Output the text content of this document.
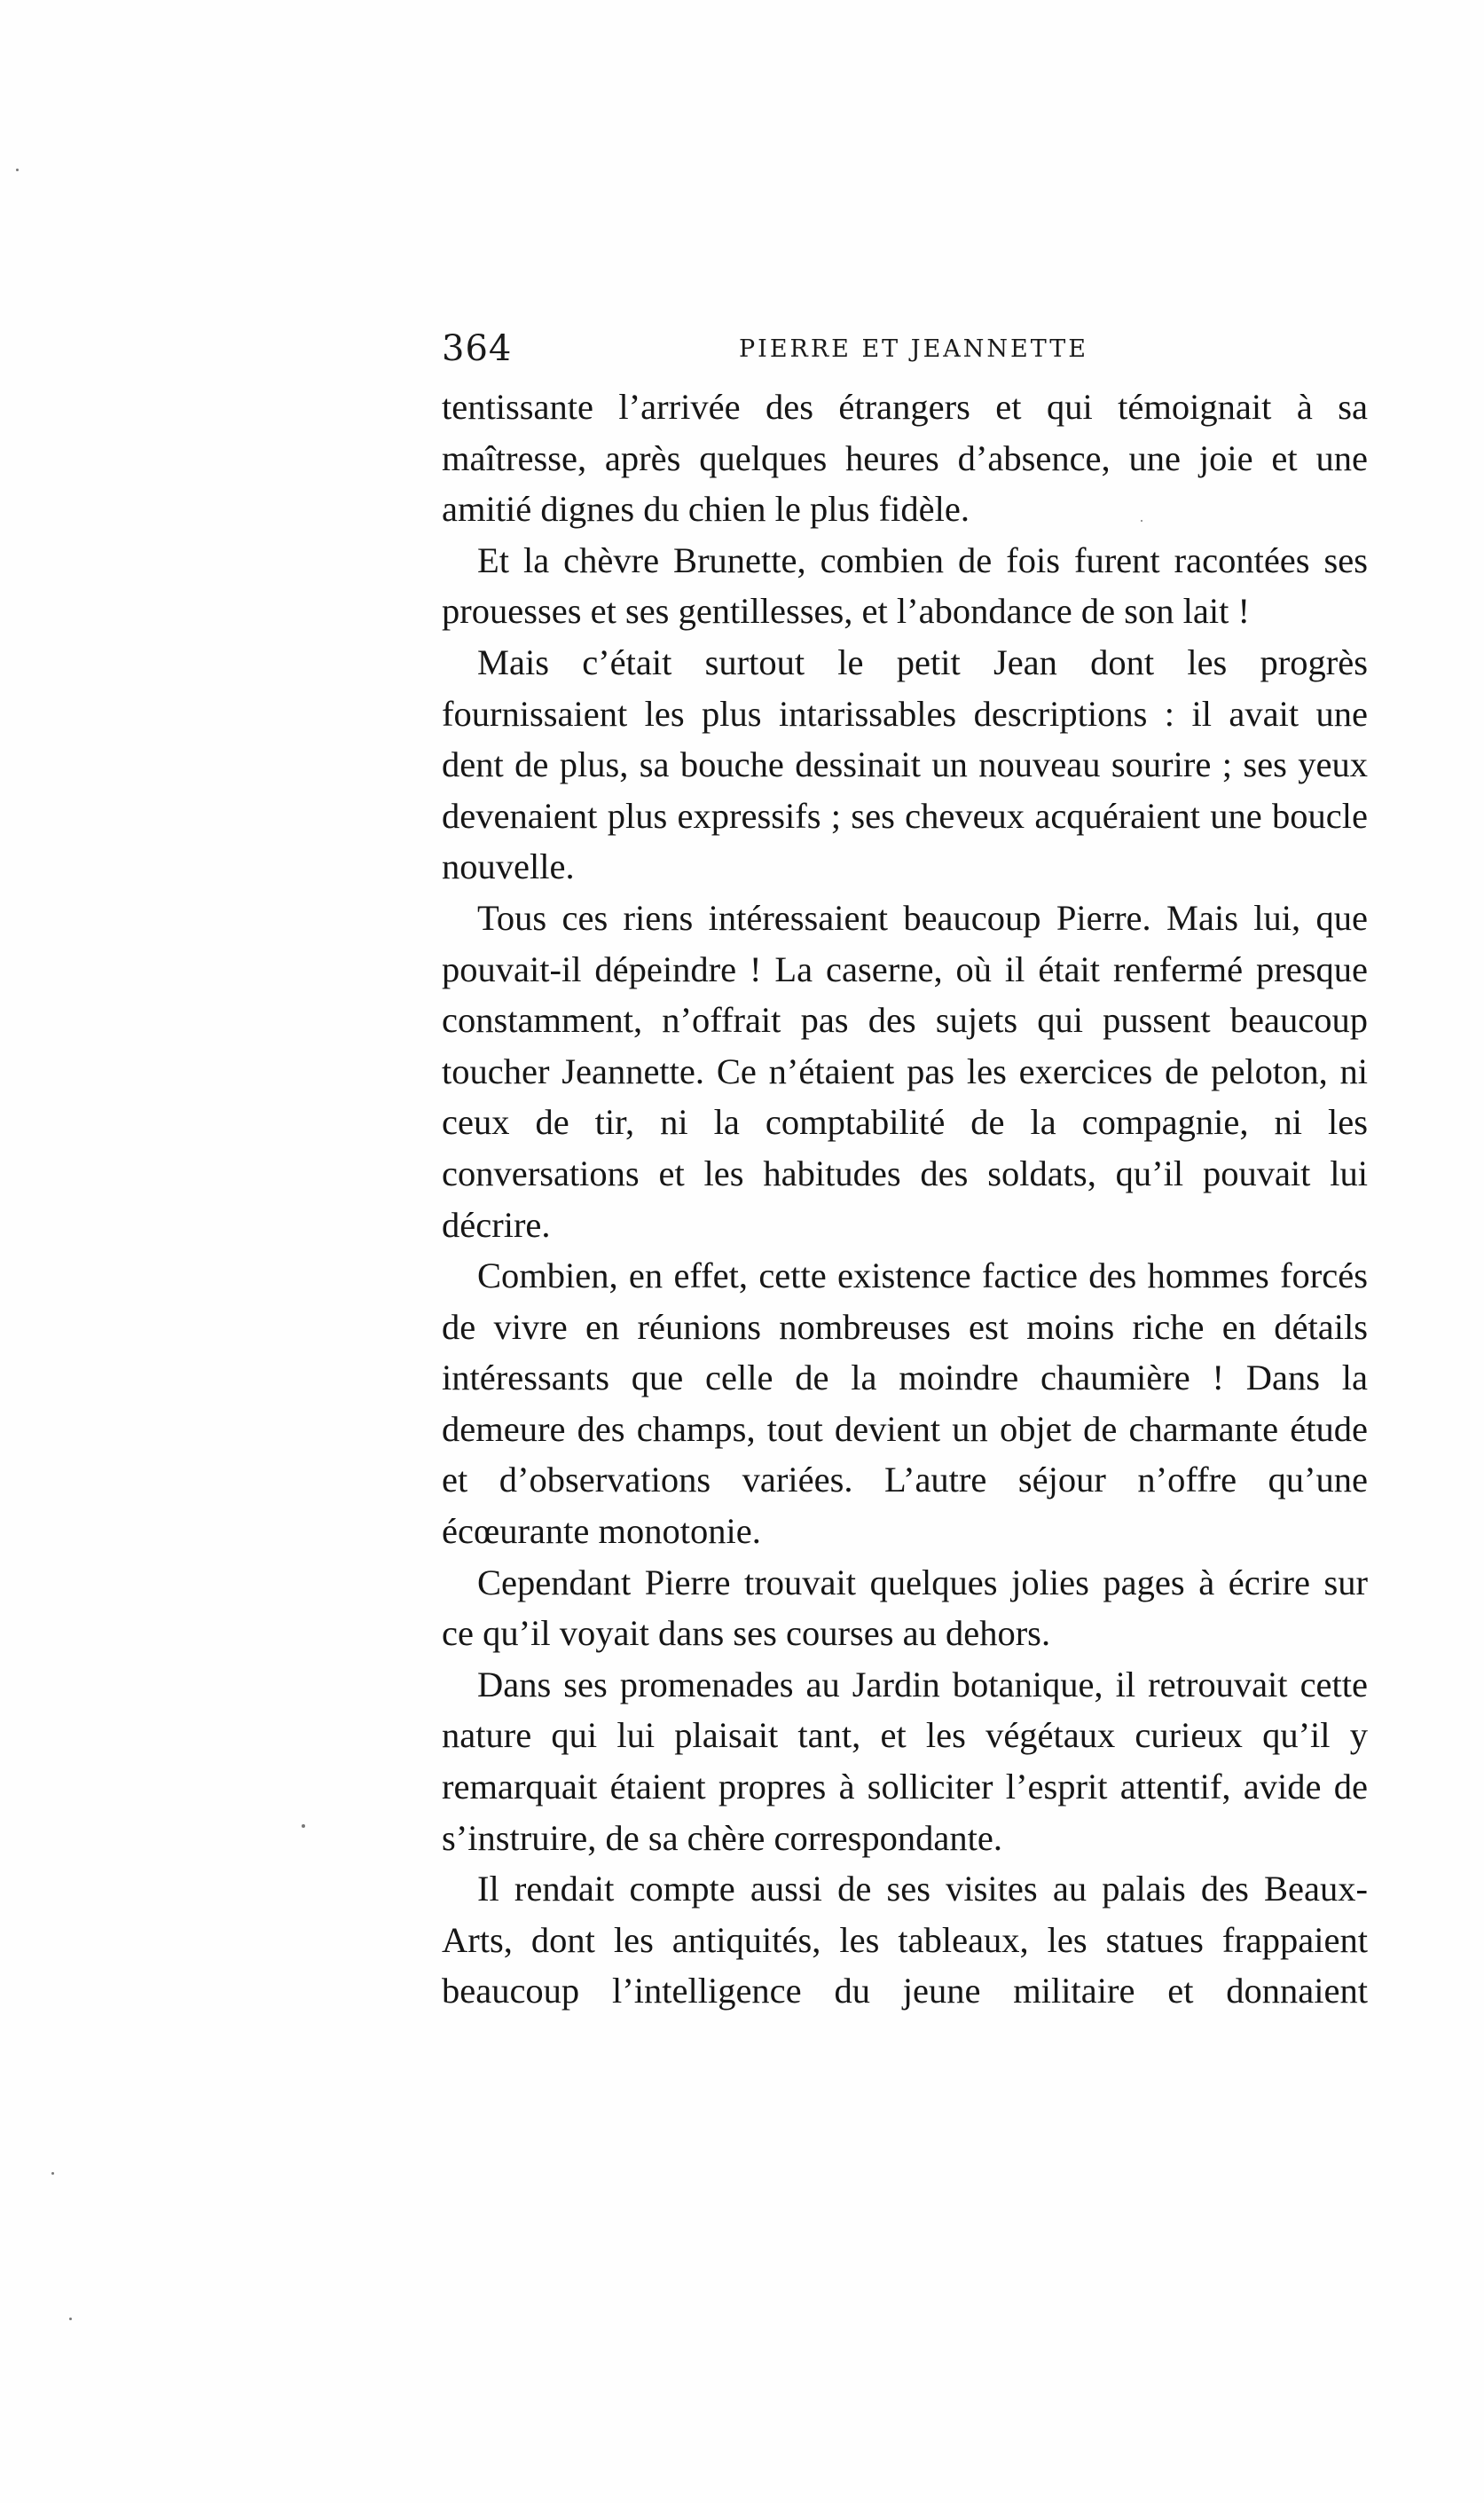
364	PIERRE ET JEANNETTE

tentissante l’arrivée des étrangers et qui témoignait à sa maîtresse, après quelques heures d’absence, une joie et une amitié dignes du chien le plus fidèle.

Et la chèvre Brunette, combien de fois furent racontées ses prouesses et ses gentillesses, et l’abondance de son lait !

Mais c’était surtout le petit Jean dont les progrès fournissaient les plus intarissables descriptions : il avait une dent de plus, sa bouche dessinait un nouveau sourire ; ses yeux devenaient plus expressifs ; ses cheveux acquéraient une boucle nouvelle.

Tous ces riens intéressaient beaucoup Pierre. Mais lui, que pouvait-il dépeindre ! La caserne, où il était renfermé presque constamment, n’offrait pas des sujets qui pussent beaucoup toucher Jeannette. Ce n’étaient pas les exercices de peloton, ni ceux de tir, ni la comptabilité de la compagnie, ni les conversations et les habitudes des soldats, qu’il pouvait lui décrire.

Combien, en effet, cette existence factice des hommes forcés de vivre en réunions nombreuses est moins riche en détails intéressants que celle de la moindre chaumière ! Dans la demeure des champs, tout devient un objet de charmante étude et d’observations variées. L’autre séjour n’offre qu’une écœurante monotonie.

Cependant Pierre trouvait quelques jolies pages à écrire sur ce qu’il voyait dans ses courses au dehors.

Dans ses promenades au Jardin botanique, il retrouvait cette nature qui lui plaisait tant, et les végétaux curieux qu’il y remarquait étaient propres à solliciter l’esprit attentif, avide de s’instruire, de sa chère correspondante.

Il rendait compte aussi de ses visites au palais des Beaux-Arts, dont les antiquités, les tableaux, les statues frappaient beaucoup l’intelligence du jeune militaire et donnaient
